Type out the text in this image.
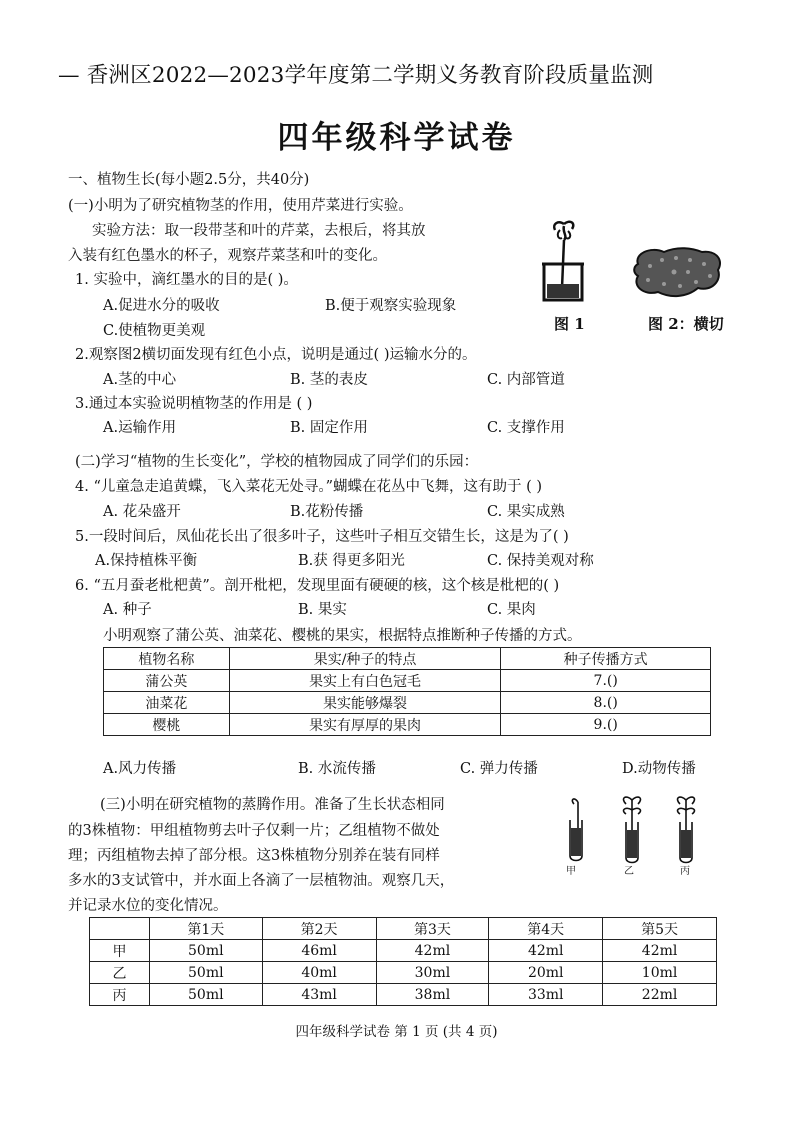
— 香洲区2022—2023学年度第二学期义务教育阶段质量监测
四年级科学试卷
一、植物生长(每小题2.5分，共40分)
(一)小明为了研究植物茎的作用，使用芹菜进行实验。
实验方法：取一段带茎和叶的芹菜，去根后，将其放
入装有红色墨水的杯子，观察芹菜茎和叶的变化。
1. 实验中，滴红墨水的目的是( )。
A.促进水分的吸收	B.便于观察实验现象
C.使植物更美观
2.观察图2横切面发现有红色小点，说明是通过( )运输水分的。
A.茎的中心	B. 茎的表皮	C. 内部管道
3.通过本实验说明植物茎的作用是 ( )
A.运输作用	B. 固定作用	C. 支撑作用
图 1	图 2：横切
(二)学习“植物的生长变化”，学校的植物园成了同学们的乐园：
4. “儿童急走追黄蝶，飞入菜花无处寻。”蝴蝶在花丛中飞舞，这有助于 ( )
A. 花朵盛开	B.花粉传播	C. 果实成熟
5.一段时间后，凤仙花长出了很多叶子，这些叶子相互交错生长，这是为了( )
A.保持植株平衡	B.获 得更多阳光	C. 保持美观对称
6. “五月蚕老枇杷黄”。剖开枇杷，发现里面有硬硬的核，这个核是枇杷的( )
A. 种子	B. 果实	C. 果肉
小明观察了蒲公英、油菜花、樱桃的果实，根据特点推断种子传播的方式。
植物名称	果实/种子的特点	种子传播方式
蒲公英	果实上有白色冠毛	7.()
油菜花	果实能够爆裂	8.()
樱桃	果实有厚厚的果肉	9.()
A.风力传播	B. 水流传播	C. 弹力传播	D.动物传播
(三)小明在研究植物的蒸腾作用。准备了生长状态相同
的3株植物：甲组植物剪去叶子仅剩一片；乙组植物不做处
理；丙组植物去掉了部分根。这3株植物分别养在装有同样
多水的3支试管中，并水面上各滴了一层植物油。观察几天，
并记录水位的变化情况。
甲	乙	丙
	第1天	第2天	第3天	第4天	第5天
甲	50ml	46ml	42ml	42ml	42ml
乙	50ml	40ml	30ml	20ml	10ml
丙	50ml	43ml	38ml	33ml	22ml
四年级科学试卷 第 1 页 (共 4 页)
